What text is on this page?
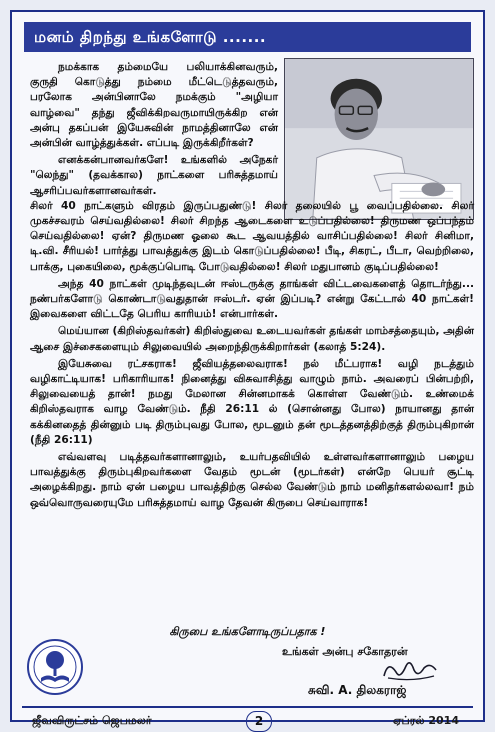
மனம் திறந்து உங்களோடு .......

நமக்காக தம்மையே பலியாக்கினவரும், குருதி கொடுத்து நம்மை மீட்டெடுத்தவரும், பரலோக அன்பினாலே நமக்கும் "அழியா வாழ்வை" தந்து ஜீவிக்கிறவருமாயிருக்கிற என் அன்பு தகப்பன் இயேசுவின் நாமத்தினாலே என் அன்பின் வாழ்த்துக்கள். எப்படி இருக்கிறீர்கள்?

எனக்கன்பானவர்களே! உங்களில் அநேகர் "லெந்து" (தவக்கால) நாட்களை பரிசுத்தமாய் ஆசரிப்பவர்களானவர்கள்.

சிலர் 40 நாட்களும் விரதம் இருப்பதுண்டு! சிலர் தலையில் பூ வைப்பதில்லை. சிலர் முகச்சவரம் செய்வதில்லை! சிலர் சிறந்த ஆடைகளை உடுப்பதில்லை! திருமண ஒப்பந்தம் செய்வதில்லை! ஏன்? திருமண ஓலை கூட ஆவயத்தில் வாசிப்பதில்லை! சிலர் சினிமா, டி.வி. சீரியல்! பார்த்து பாவத்துக்கு இடம் கொடுப்பதில்லை! பீடி, சிகரட், பீடா, வெற்றிலை, பாக்கு, புகையிலை, மூக்குப்பொடி போடுவதில்லை! சிலர் மதுபானம் குடிப்பதில்லை!

அந்த 40 நாட்கள் முடிந்தவுடன் ஈஸ்டருக்கு தாங்கள் விட்டவைகளைத் தொடர்ந்து... நண்பர்களோடு கொண்டாடுவதுதான் ஈஸ்டர். ஏன் இப்படி? என்று கேட்டால் 40 நாட்கள்! இவைகளை விட்டதே பெரிய காரியம்! என்பார்கள்.

மெய்யான (கிறிஸ்தவர்கள்) கிறிஸ்துவை உடையவர்கள் தங்கள் மாம்சத்தையும், அதின் ஆசை இச்சைகளையும் சிலுவையில் அறைந்திருக்கிறார்கள் (கலாத் 5:24).

இயேசுவை ரட்சகராக! ஜீவியத்தலைவராக! நல் மீட்பராக! வழி நடத்தும் வழிகாட்டியாக! பரிகாரியாக! நினைத்து விசுவாசித்து வாழும் நாம். அவரைப் பின்பற்றி, சிலுவையைத் தான்! நமது மேலான சின்னமாகக் கொள்ள வேண்டும். உண்மைக் கிறிஸ்தவராக வாழ வேண்டும். நீதி 26:11 ல் (சொன்னது போல) நாயானது தான் கக்கினதைத் தின்னும் படி திரும்புவது போல, மூடனும் தன் மூடத்தனத்திற்குத் திரும்புகிறான் (நீதி 26:11)

எவ்வளவு படித்தவர்களானாலும், உயர்பதவியில் உள்ளவர்களானாலும் பழைய பாவத்துக்கு திரும்புகிறவர்களை வேதம் மூடன் (மூடர்கள்) என்றே பெயர் சூட்டி அழைக்கிறது. நாம் ஏன் பழைய பாவத்திற்கு செல்ல வேண்டும் நாம் மனிதர்களல்லவா! நம் ஒவ்வொருவரையுமே பரிசுத்தமாய் வாழ தேவன் கிருபை செய்வாராக!

கிருபை உங்களோடிருப்பதாக !
உங்கள் அன்பு சகோதரன்
சுவி. A. திலகராஜ்
ஜீவவிருட்சம் ஜெபமலர்	2	ஏப்ரல் 2014
